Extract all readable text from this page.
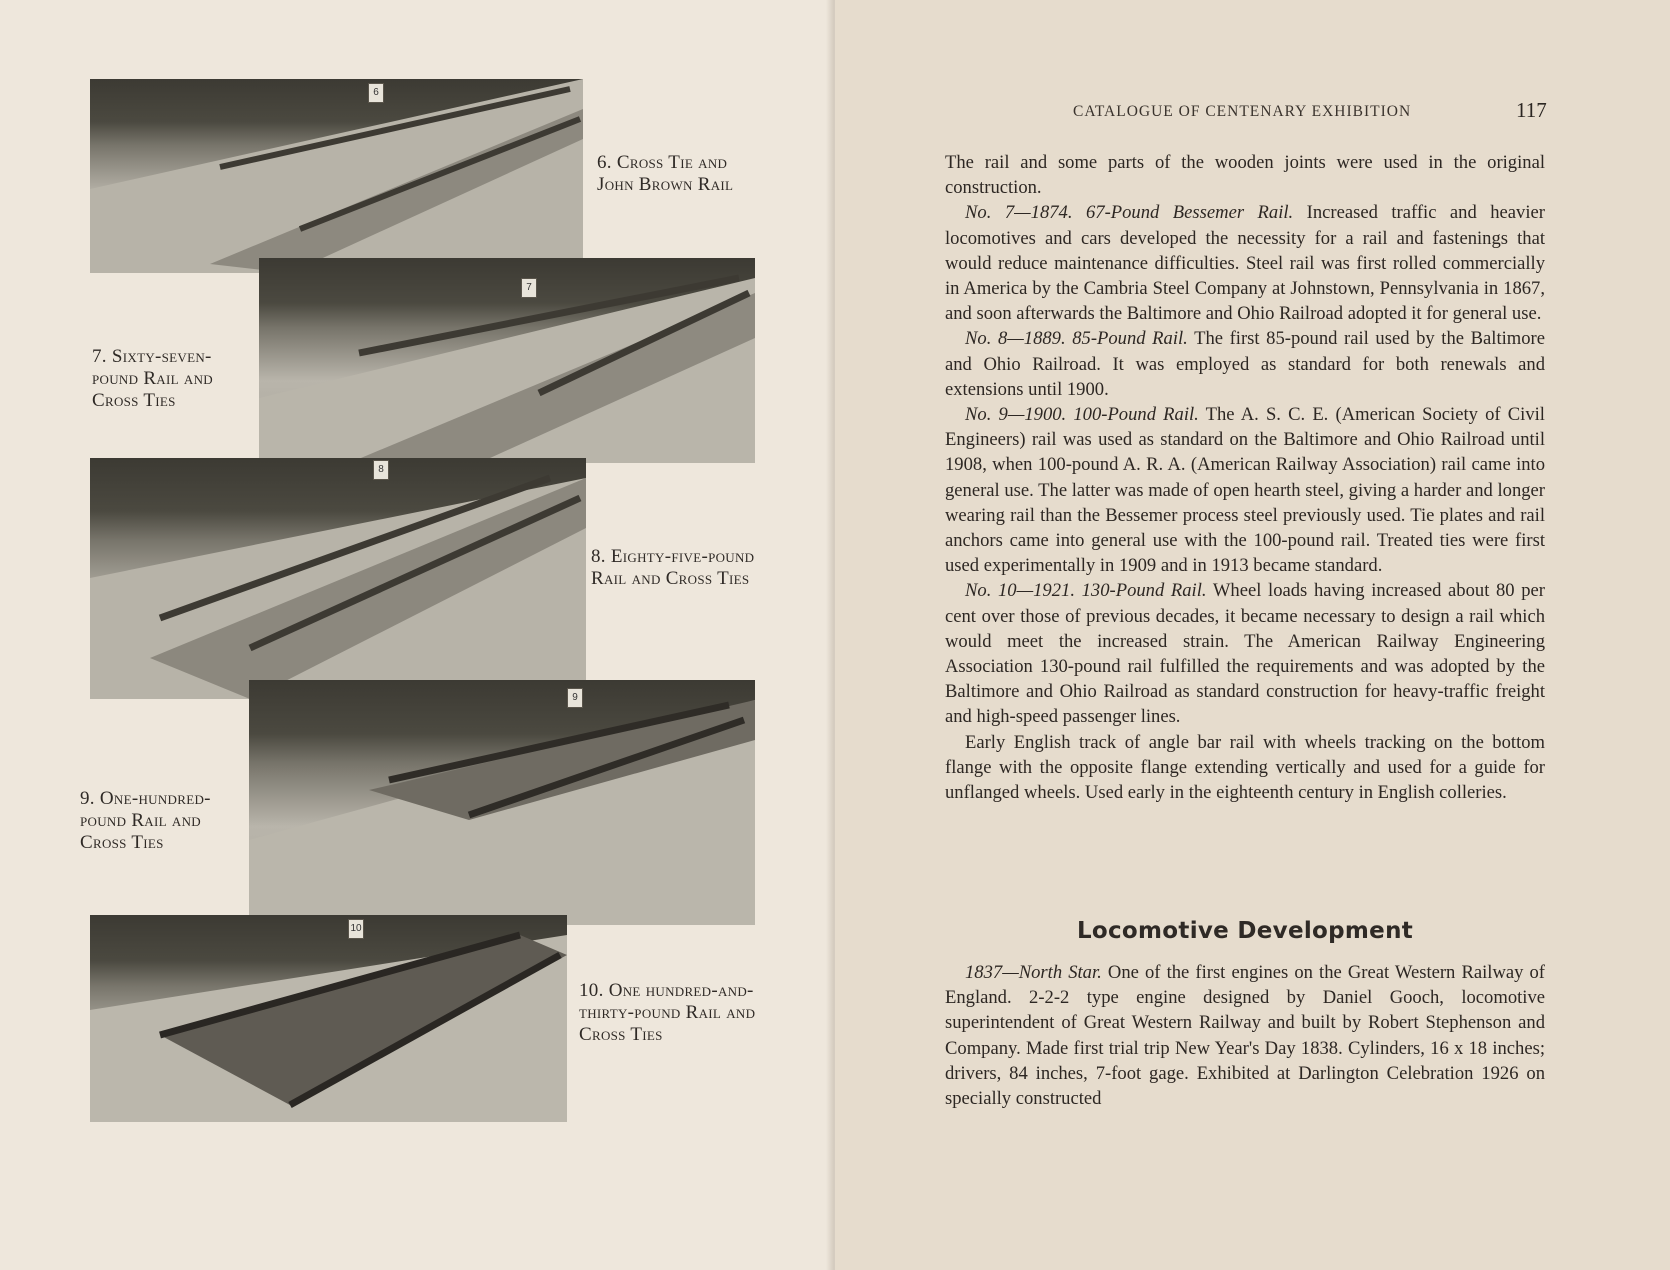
6
6. Cross Tie and John Brown Rail
7
7. Sixty-seven-pound Rail and Cross Ties
8
8. Eighty-five-pound Rail and Cross Ties
9
9. One-hundred-pound Rail and Cross Ties
10
10. One hundred-and-thirty-pound Rail and Cross Ties
CATALOGUE OF CENTENARY EXHIBITION	117

The rail and some parts of the wooden joints were used in the original construction.

No. 7—1874. 67-Pound Bessemer Rail. Increased traffic and heavier locomotives and cars developed the necessity for a rail and fastenings that would reduce maintenance difficulties. Steel rail was first rolled commercially in America by the Cambria Steel Company at Johnstown, Pennsylvania in 1867, and soon afterwards the Baltimore and Ohio Railroad adopted it for general use.

No. 8—1889. 85-Pound Rail. The first 85-pound rail used by the Baltimore and Ohio Railroad. It was employed as standard for both renewals and extensions until 1900.

No. 9—1900. 100-Pound Rail. The A. S. C. E. (American Society of Civil Engineers) rail was used as standard on the Baltimore and Ohio Railroad until 1908, when 100-pound A. R. A. (American Railway Association) rail came into general use. The latter was made of open hearth steel, giving a harder and longer wearing rail than the Bessemer process steel previously used. Tie plates and rail anchors came into general use with the 100-pound rail. Treated ties were first used experimentally in 1909 and in 1913 became standard.

No. 10—1921. 130-Pound Rail. Wheel loads having increased about 80 per cent over those of previous decades, it became necessary to design a rail which would meet the increased strain. The American Railway Engineering Association 130-pound rail fulfilled the requirements and was adopted by the Baltimore and Ohio Railroad as standard construction for heavy-traffic freight and high-speed passenger lines.

Early English track of angle bar rail with wheels tracking on the bottom flange with the opposite flange extending vertically and used for a guide for unflanged wheels. Used early in the eighteenth century in English colleries.

Locomotive Development

1837—North Star. One of the first engines on the Great Western Railway of England. 2-2-2 type engine designed by Daniel Gooch, locomotive superintendent of Great Western Railway and built by Robert Stephenson and Company. Made first trial trip New Year's Day 1838. Cylinders, 16 x 18 inches; drivers, 84 inches, 7-foot gage. Exhibited at Darlington Celebration 1926 on specially constructed
